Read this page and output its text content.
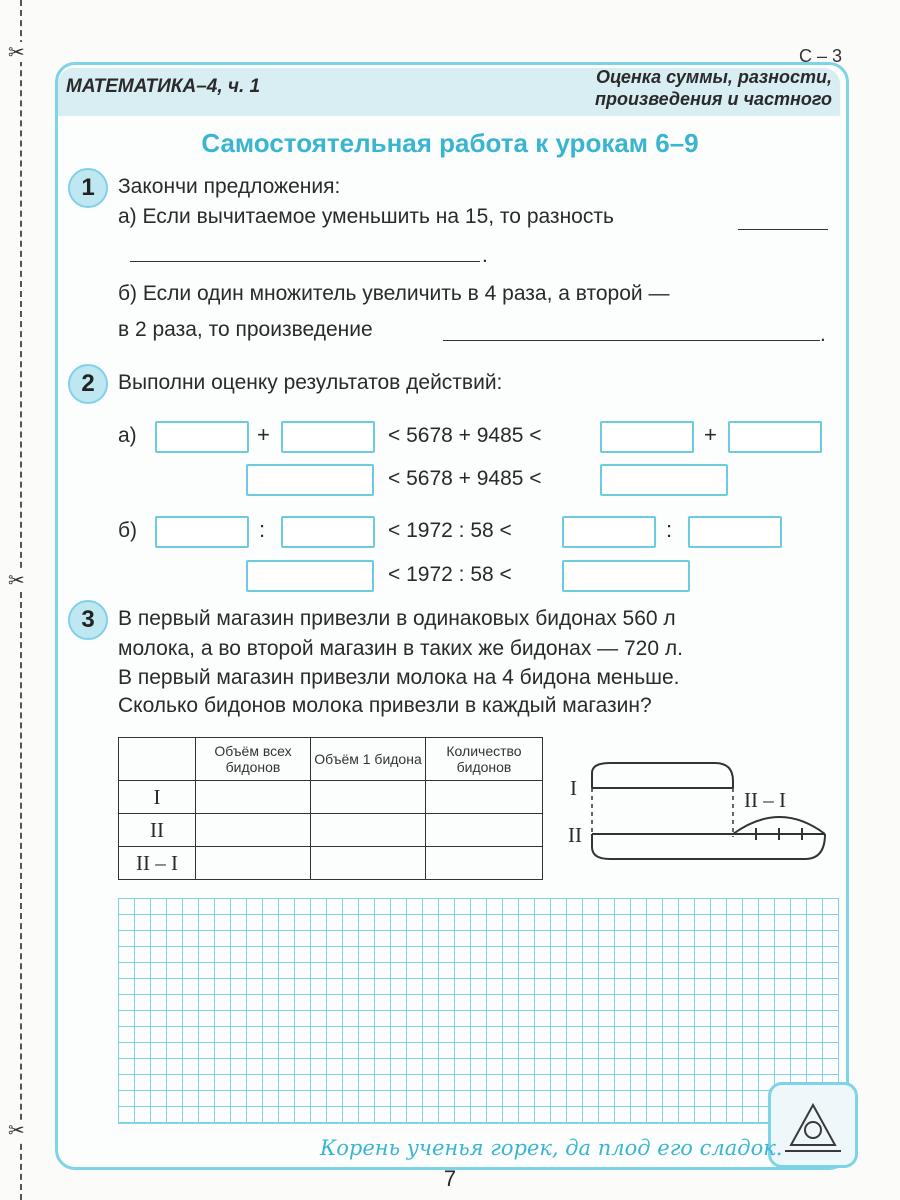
✂
✂
✂
С – 3
МАТЕМАТИКА–4, ч. 1	Оценка суммы, разности,
произведения и частного
Самостоятельная работа к урокам 6–9
1	Закончи предложения:
а) Если вычитаемое уменьшить на 15, то разность
.
б) Если один множитель увеличить в 4 раза, а второй —
в 2 раза, то произведение	.
2	Выполни оценку результатов действий:
а)	+	< 5678 + 9485 <	+
< 5678 + 9485 <
б)	:	< 1972 : 58 <	:
< 1972 : 58 <
3	В первый магазин привезли в одинаковых бидонах 560 л
молока, а во второй магазин в таких же бидонах — 720 л.
В первый магазин привезли молока на 4 бидона меньше.
Сколько бидонов молока привезли в каждый магазин?
	Объём всех бидонов	Объём 1 бидона	Количество бидонов
I			
II			
II – I			
I
II
II – I
Корень ученья горек, да плод его сладок.
7
